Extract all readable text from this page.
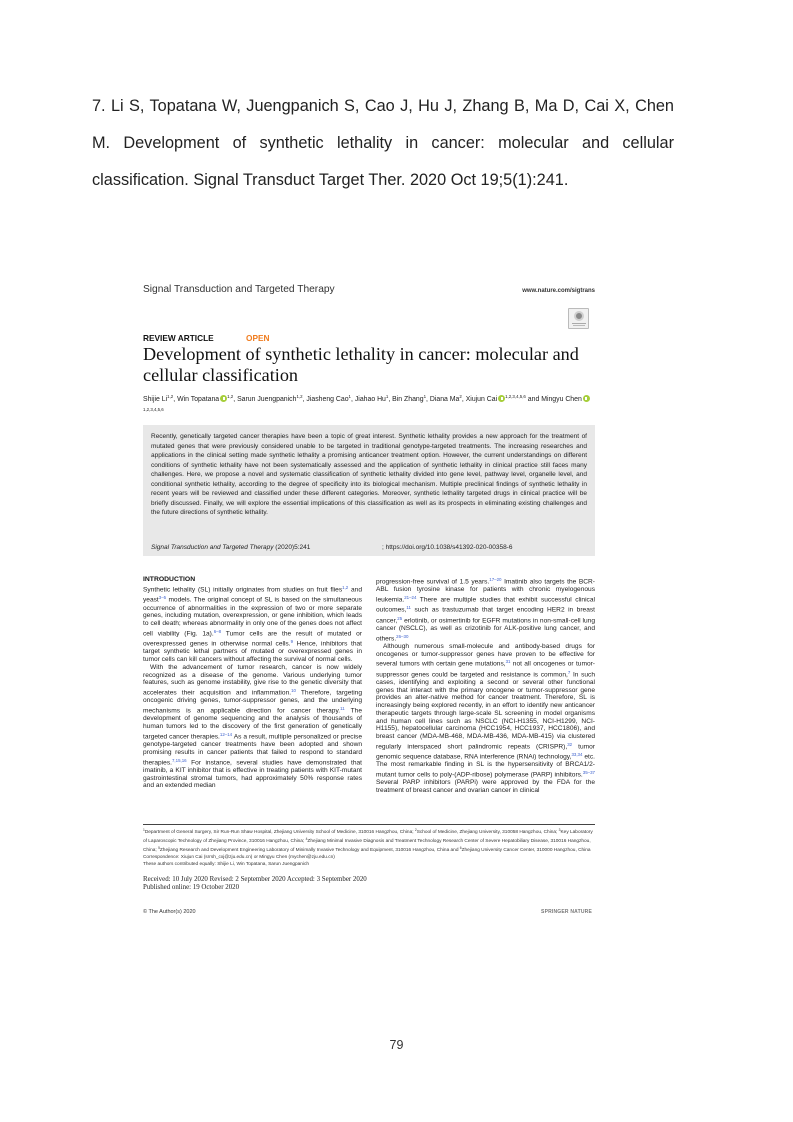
7. Li S, Topatana W, Juengpanich S, Cao J, Hu J, Zhang B, Ma D, Cai X, Chen M. Development of synthetic lethality in cancer: molecular and cellular classification. Signal Transduct Target Ther. 2020 Oct 19;5(1):241.
Signal Transduction and Targeted Therapy	www.nature.com/sigtrans
REVIEW ARTICLE	OPEN
Development of synthetic lethality in cancer: molecular and cellular classification
Shijie Li$^{1,2}$, Win Topatana $^{1,2}$, Sarun Juengpanich$^{1,2}$, Jiasheng Cao$^1$, Jiahao Hu$^1$, Bin Zhang$^1$, Diana Ma$^2$, Xiujun Cai $^{1,2,3,4,5,6}$ and Mingyu Chen$^{1,2,3,4,5,6}$
Recently, genetically targeted cancer therapies have been a topic of great interest. Synthetic lethality provides a new approach for the treatment of mutated genes that were previously considered unable to be targeted in traditional genotype-targeted treatments. The increasing researches and applications in the clinical setting made synthetic lethality a promising anticancer treatment option. However, the current understandings on different conditions of synthetic lethality have not been systematically assessed and the application of synthetic lethality in clinical practice still faces many challenges. Here, we propose a novel and systematic classification of synthetic lethality divided into gene level, pathway level, organelle level, and conditional synthetic lethality, according to the degree of specificity into its biological mechanism. Multiple preclinical findings of synthetic lethality in recent years will be reviewed and classified under these different categories. Moreover, synthetic lethality targeted drugs in clinical practice will be briefly discussed. Finally, we will explore the essential implications of this classification as well as its prospects in eliminating existing challenges and the future directions of synthetic lethality.
Signal Transduction and Targeted Therapy (2020)5:241	; https://doi.org/10.1038/s41392-020-00358-6
INTRODUCTION

Synthetic lethality (SL) initially originates from studies on fruit flies$^{1,2}$ and yeast$^{3-5}$ models. The original concept of SL is based on the simultaneous occurrence of abnormalities in the expression of two or more separate genes, including mutation, overexpression, or gene inhibition, which leads to cell death; whereas abnormality in only one of the genes does not affect cell viability (Fig. 1a).$^{6-8}$ Tumor cells are the result of mutated or overexpressed genes in otherwise normal cells.$^9$ Hence, inhibitors that target synthetic lethal partners of mutated or overexpressed genes in tumor cells can kill cancers without affecting the survival of normal cells.

With the advancement of tumor research, cancer is now widely recognized as a disease of the genome. Various underlying tumor features, such as genome instability, give rise to the genetic diversity that accelerates their acquisition and inflammation.$^{10}$ Therefore, targeting oncogenic driving genes, tumor-suppressor genes, and the underlying mechanisms is an applicable direction for cancer therapy.$^{11}$ The development of genome sequencing and the analysis of thousands of human tumors led to the discovery of the first generation of genetically targeted cancer therapies.$^{12-14}$ As a result, multiple personalized or precise genotype-targeted cancer treatments have been adopted and shown promising results in cancer patients that failed to respond to standard therapies.$^{7,15,16}$ For instance, several studies have demonstrated that imatinib, a KIT inhibitor that is effective in treating patients with KIT-mutant gastrointestinal stromal tumors, had approximately 50% response rates and an extended median

progression-free survival of 1.5 years.$^{17-20}$ Imatinib also targets the BCR-ABL fusion tyrosine kinase for patients with chronic myelogenous leukemia.$^{21-24}$ There are multiple studies that exhibit successful clinical outcomes,$^{11}$ such as trastuzumab that target encoding HER2 in breast cancer,$^{25}$ erlotinib, or osimertinib for EGFR mutations in non-small-cell lung cancer (NSCLC), as well as crizotinib for ALK-positive lung cancer, and others.$^{26-30}$

Although numerous small-molecule and antibody-based drugs for oncogenes or tumor-suppressor genes have proven to be effective for several tumors with certain gene mutations,$^{31}$ not all oncogenes or tumor-suppressor genes could be targeted and resistance is common,$^7$ In such cases, identifying and exploiting a second or several other functional genes that interact with the primary oncogene or tumor-suppressor gene provides an alter-native method for cancer treatment. Therefore, SL is increasingly being explored recently, in an effort to identify new anticancer therapeutic targets through large-scale SL screening in model organisms and human cell lines such as NSCLC (NCI-H1355, NCI-H1299, NCI-H1155), hepatocellular carcinoma (HCC1954, HCC1937, HCC1806), and breast cancer (MDA-MB-468, MDA-MB-436, MDA-MB-415) via clustered regularly interspaced short palindromic repeats (CRISPR),$^{32}$ tumor genomic sequence database, RNA interference (RNAi) technology,$^{33,34}$ etc. The most remarkable finding in SL is the hypersensitivity of BRCA1/2-mutant tumor cells to poly-(ADP-ribose) polymerase (PARP) inhibitors.$^{35-37}$ Several PARP inhibitors (PARPi) were approved by the FDA for the treatment of breast cancer and ovarian cancer in clinical

$^1$Department of General Surgery, Sir Run-Run Shaw Hospital, Zhejiang University School of Medicine, 310016 Hangzhou, China; $^2$School of Medicine, Zhejiang University, 310058 Hangzhou, China; $^3$Key Laboratory of Laparoscopic Technology of Zhejiang Province, 310016 Hangzhou, China; $^4$Zhejiang Minimal Invasive Diagnosis and Treatment Technology Research Center of Severe Hepatobiliary Disease, 310016 Hangzhou, China; $^5$Zhejiang Research and Development Engineering Laboratory of Minimally Invasive Technology and Equipment, 310016 Hangzhou, China and $^6$Zhejiang University Cancer Center, 310000 Hangzhou, China
Correspondence: Xiujun Cai (srrsh_cxj@zju.edu.cn) or Mingyu Chen (mychen@zju.edu.cn)
These authors contributed equally: Shijie Li, Win Topatana, Sarun Juengpanich
Received: 10 July 2020 Revised: 2 September 2020 Accepted: 3 September 2020
Published online: 19 October 2020
© The Author(s) 2020	SPRINGER NATURE
79
